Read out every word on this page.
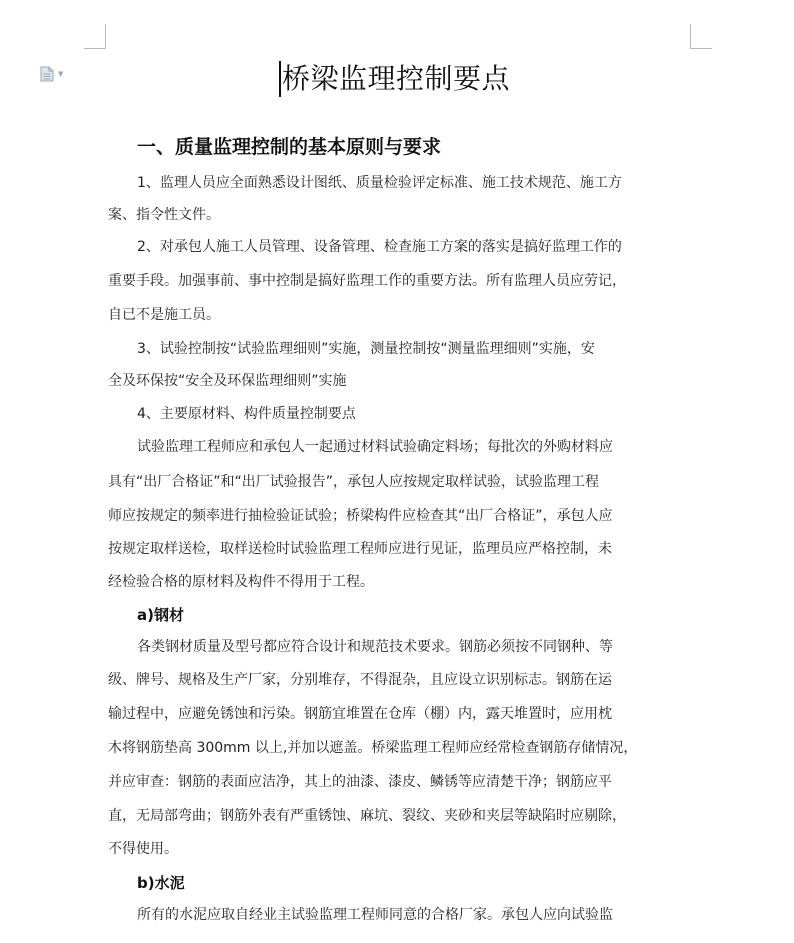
▼	桥梁监理控制要点
一、质量监理控制的基本原则与要求
1、监理人员应全面熟悉设计图纸、质量检验评定标准、施工技术规范、施工方
案、指令性文件。
2、对承包人施工人员管理、设备管理、检查施工方案的落实是搞好监理工作的
重要手段。加强事前、事中控制是搞好监理工作的重要方法。所有监理人员应劳记，
自已不是施工员。
3、试验控制按“试验监理细则”实施，测量控制按“测量监理细则”实施，安
全及环保按“安全及环保监理细则”实施
4、主要原材料、构件质量控制要点
试验监理工程师应和承包人一起通过材料试验确定料场；每批次的外购材料应
具有“出厂合格证”和“出厂试验报告”，承包人应按规定取样试验，试验监理工程
师应按规定的频率进行抽检验证试验；桥梁构件应检查其“出厂合格证”，承包人应
按规定取样送检，取样送检时试验监理工程师应进行见证，监理员应严格控制，未
经检验合格的原材料及构件不得用于工程。
a)钢材
各类钢材质量及型号都应符合设计和规范技术要求。钢筋必须按不同钢种、等
级、牌号、规格及生产厂家，分别堆存，不得混杂，且应设立识别标志。钢筋在运
输过程中，应避免锈蚀和污染。钢筋宜堆置在仓库（棚）内，露天堆置时，应用枕
木将钢筋垫高 300mm 以上,并加以遮盖。桥梁监理工程师应经常检查钢筋存储情况，
并应审查：钢筋的表面应洁净，其上的油漆、漆皮、鳞锈等应清楚干净；钢筋应平
直，无局部弯曲；钢筋外表有严重锈蚀、麻坑、裂纹、夹砂和夹层等缺陷时应剔除，
不得使用。
b)水泥
所有的水泥应取自经业主试验监理工程师同意的合格厂家。承包人应向试验监
